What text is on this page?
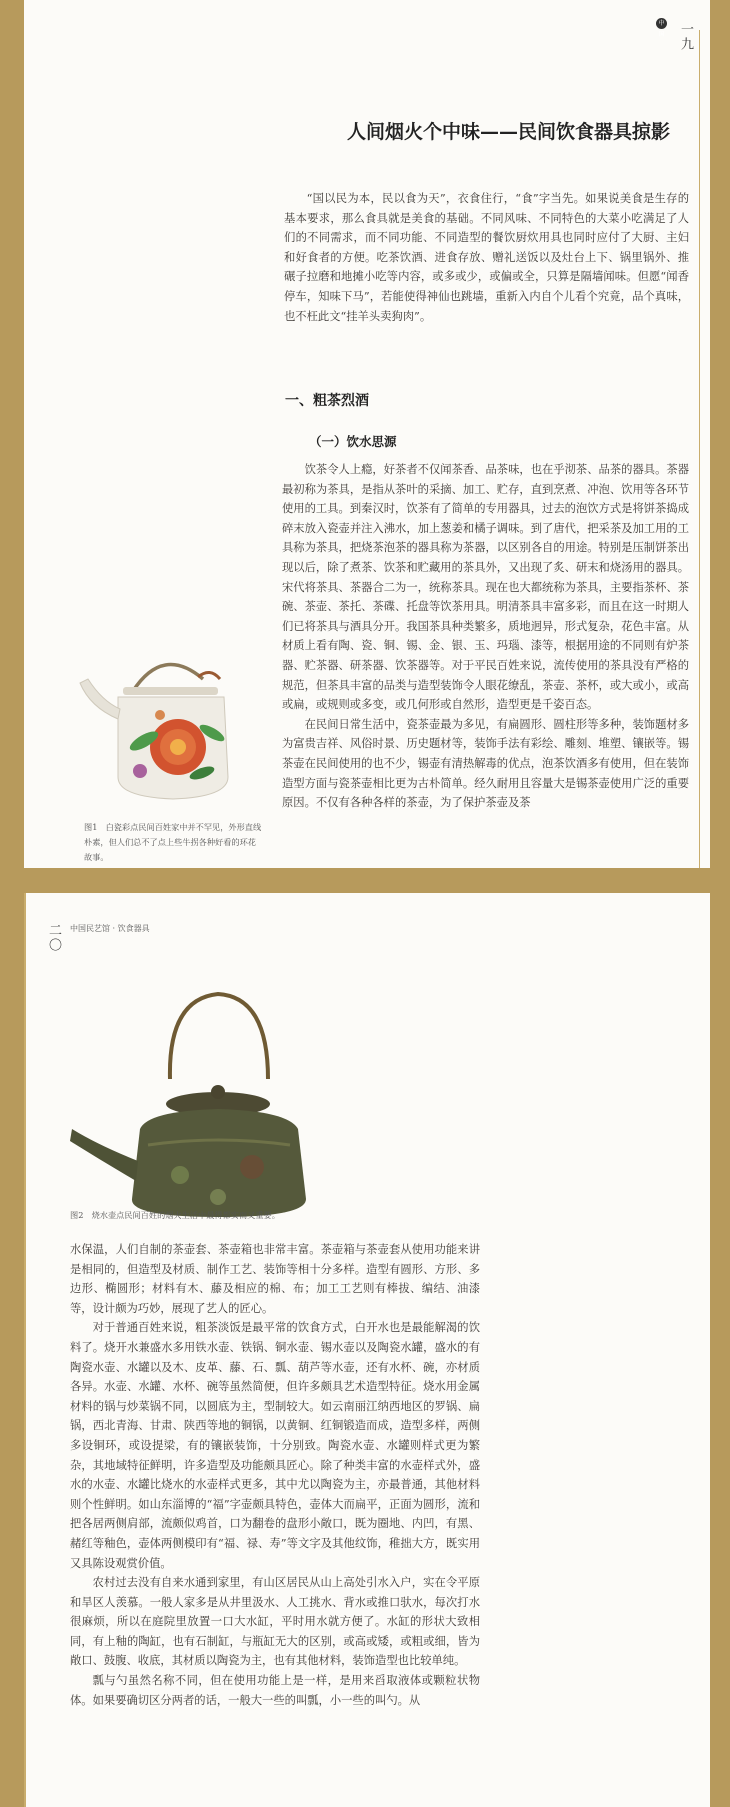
中国 一九
人间烟火个中味——民间饮食器具掠影

“国以民为本，民以食为天”，衣食住行，“食”字当先。如果说美食是生存的基本要求，那么食具就是美食的基础。不同风味、不同特色的大菜小吃满足了人们的不同需求，而不同功能、不同造型的餐饮厨炊用具也同时应付了大厨、主妇和好食者的方便。吃茶饮酒、进食存放、赠礼送饭以及灶台上下、锅里锅外、推碾子拉磨和地摊小吃等内容，或多或少，或偏或全，只算是隔墙闻味。但愿“闻香停车，知味下马”，若能使得神仙也跳墙，重新入内自个儿看个究竟，品个真味，也不枉此文“挂羊头卖狗肉”。

一、粗茶烈酒
（一）饮水思源

饮茶令人上瘾，好茶者不仅闻茶香、品茶味，也在乎沏茶、品茶的器具。茶器最初称为茶具，是指从茶叶的采摘、加工、贮存，直到烹煮、冲泡、饮用等各环节使用的工具。到秦汉时，饮茶有了简单的专用器具，过去的泡饮方式是将饼茶捣成碎末放入瓷壶并注入沸水，加上葱姜和橘子调味。到了唐代，把采茶及加工用的工具称为茶具，把烧茶泡茶的器具称为茶器，以区别各自的用途。特别是压制饼茶出现以后，除了煮茶、饮茶和贮藏用的茶具外，又出现了炙、研末和烧汤用的器具。宋代将茶具、茶器合二为一，统称茶具。现在也大都统称为茶具，主要指茶杯、茶碗、茶壶、茶托、茶碟、托盘等饮茶用具。明清茶具丰富多彩，而且在这一时期人们已将茶具与酒具分开。我国茶具种类繁多，质地迥异，形式复杂，花色丰富。从材质上看有陶、瓷、铜、锡、金、银、玉、玛瑙、漆等，根据用途的不同则有炉茶器、贮茶器、研茶器、饮茶器等。对于平民百姓来说，流传使用的茶具没有严格的规范，但茶具丰富的品类与造型装饰令人眼花缭乱，茶壶、茶杯，或大或小，或高或扁，或规则或多变，或几何形或自然形，造型更是千姿百态。

在民间日常生活中，瓷茶壶最为多见，有扁圆形、圆柱形等多种，装饰题材多为富贵吉祥、风俗时景、历史题材等，装饰手法有彩绘、雕刻、堆塑、镶嵌等。锡茶壶在民间使用的也不少，锡壶有清热解毒的优点，泡茶饮酒多有使用，但在装饰造型方面与瓷茶壶相比更为古朴简单。经久耐用且容量大是锡茶壶使用广泛的重要原因。不仅有各种各样的茶壶，为了保护茶壶及茶

图1　白瓷彩点民间百姓家中并不罕见，外形直线朴素，但人们总不了点上些牛拐各种好看的环花故事。

二〇 中国民艺馆 · 饮食器具

图2　烧水壶点民间百姓的烟火生活中最得都实而又重要。

水保温，人们自制的茶壶套、茶壶箱也非常丰富。茶壶箱与茶壶套从使用功能来讲是相同的，但造型及材质、制作工艺、装饰等相十分多样。造型有圆形、方形、多边形、椭圆形；材料有木、藤及相应的棉、布；加工工艺则有棒拔、编结、油漆等，设计颇为巧妙，展现了艺人的匠心。

对于普通百姓来说，粗茶淡饭是最平常的饮食方式，白开水也是最能解渴的饮料了。烧开水兼盛水多用铁水壶、铁锅、铜水壶、锡水壶以及陶瓷水罐，盛水的有陶瓷水壶、水罐以及木、皮革、藤、石、瓢、葫芦等水壶，还有水杯、碗，亦材质各异。水壶、水罐、水杯、碗等虽然简便，但许多颇具艺术造型特征。烧水用金属材料的锅与炒菜锅不同，以圆底为主，型制较大。如云南丽江纳西地区的罗锅、扁锅，西北青海、甘肃、陕西等地的铜锅，以黄铜、红铜锻造而成，造型多样，两侧多设铜环，或设提梁，有的镶嵌装饰，十分别致。陶瓷水壶、水罐则样式更为繁杂，其地域特征鲜明，许多造型及功能颇具匠心。除了种类丰富的水壶样式外，盛水的水壶、水罐比烧水的水壶样式更多，其中尤以陶瓷为主，亦最普通，其他材料则个性鲜明。如山东淄博的“福”字壶颇具特色，壶体大而扁平，正面为圆形，流和把各居两侧肩部，流颇似鸡首，口为翻卷的盘形小敞口，既为圈地、内凹，有黑、赭红等釉色，壶体两侧模印有“福、禄、寿”等文字及其他纹饰，稚拙大方，既实用又具陈设观赏价值。

农村过去没有自来水通到家里，有山区居民从山上高处引水入户，实在令平原和旱区人羡慕。一般人家多是从井里汲水、人工挑水、背水或推口驮水，每次打水很麻烦，所以在庭院里放置一口大水缸，平时用水就方便了。水缸的形状大致相同，有上釉的陶缸，也有石制缸，与瓶缸无大的区别，或高或矮，或粗或细，皆为敞口、鼓腹、收底，其材质以陶瓷为主，也有其他材料，装饰造型也比较单纯。

瓢与勺虽然名称不同，但在使用功能上是一样，是用来舀取液体或颗粒状物体。如果要确切区分两者的话，一般大一些的叫瓢，小一些的叫勺。从
